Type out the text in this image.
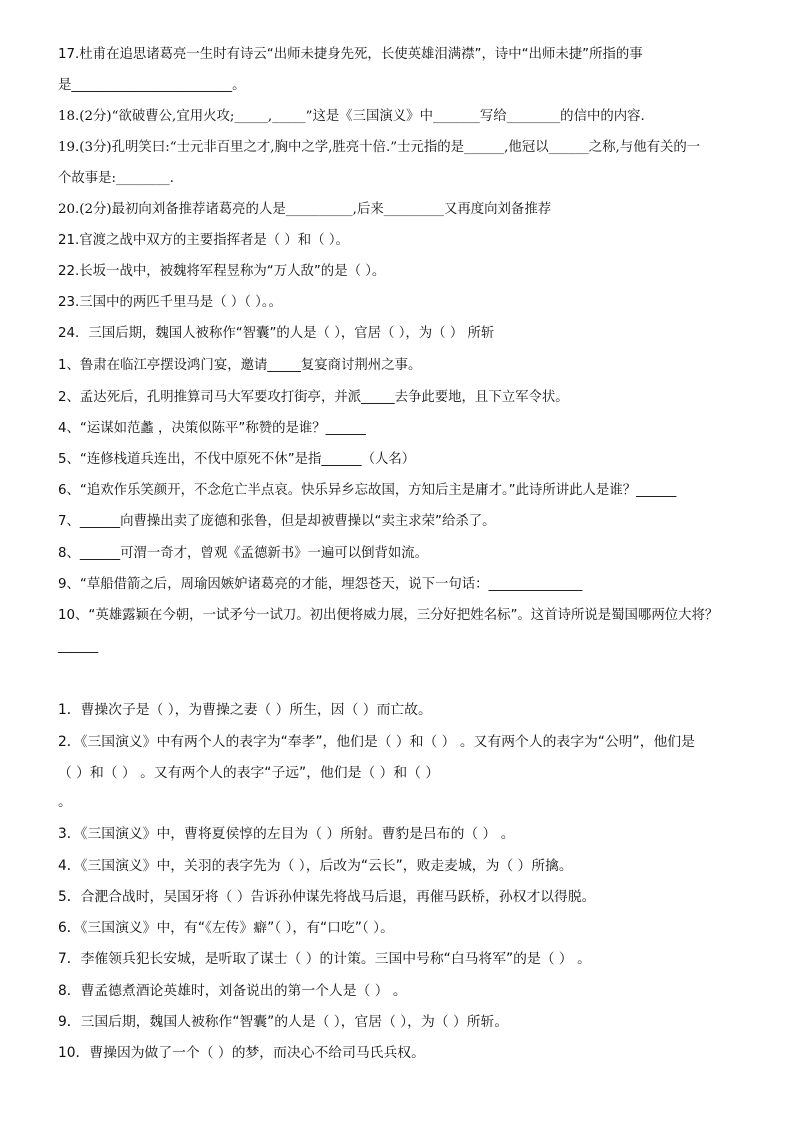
17.杜甫在追思诸葛亮一生时有诗云“出师未捷身先死，长使英雄泪满襟”，诗中“出师未捷”所指的事
是________________________。
18.(2分)“欲破曹公,宜用火攻;_____,_____”这是《三国演义》中_______写给________的信中的内容.
19.(3分)孔明笑曰:“士元非百里之才,胸中之学,胜亮十倍.”士元指的是______,他冠以______之称,与他有关的一
个故事是:________.
20.(2分)最初向刘备推荐诸葛亮的人是__________,后来_________又再度向刘备推荐
21.官渡之战中双方的主要指挥者是（ ）和（ ）。
22.长坂一战中，被魏将军程昱称为“万人敌”的是（ ）。
23.三国中的两匹千里马是（ ）（ ）。。
24．三国后期，魏国人被称作“智囊”的人是（ ），官居（ ），为（ ） 所斩
1、鲁肃在临江亭摆设鸿门宴，邀请_____复宴商讨荆州之事。
2、孟达死后，孔明推算司马大军要攻打街亭，并派_____去争此要地，且下立军令状。
4、“运谋如范蠡 ，决策似陈平”称赞的是谁？______
5、“连修栈道兵连出，不伐中原死不休”是指______（人名）
6、“追欢作乐笑颜开，不念危亡半点哀。快乐异乡忘故国，方知后主是庸才。”此诗所讲此人是谁？______
7、______向曹操出卖了庞德和张鲁，但是却被曹操以“卖主求荣”给杀了。
8、______可渭一奇才，曾观《孟德新书》一遍可以倒背如流。
9、“草船借箭之后，周瑜因嫉妒诸葛亮的才能，埋怨苍天，说下一句话：______________
10、“英雄露颖在今朝，一试矛兮一试刀。初出便将威力展，三分好把姓名标”。这首诗所说是蜀国哪两位大将？
______
1．曹操次子是（ ），为曹操之妻（ ）所生，因（ ）而亡故。
2．《三国演义》中有两个人的表字为“奉孝”，他们是（ ）和（ ） 。又有两个人的表字为“公明”，他们是
（ ）和（ ） 。又有两个人的表字“子远”，他们是（ ）和（ ）
。
3．《三国演义》中，曹将夏侯惇的左目为（ ）所射。曹豹是吕布的（ ） 。
4．《三国演义》中，关羽的表字先为（ ），后改为“云长”，败走麦城，为（ ）所擒。
5．合淝合战时，吴国牙将（ ）告诉孙仲谋先将战马后退，再催马跃桥，孙权才以得脱。
6．《三国演义》中，有“《左传》癖”（ ），有“口吃”（ ）。
7．李傕领兵犯长安城，是听取了谋士（ ）的计策。三国中号称“白马将军”的是（ ） 。
8．曹孟德煮酒论英雄时，刘备说出的第一个人是（ ） 。
9．三国后期，魏国人被称作“智囊”的人是（ ），官居（ ），为（ ）所斩。
10．曹操因为做了一个（ ）的梦，而决心不给司马氏兵权。
